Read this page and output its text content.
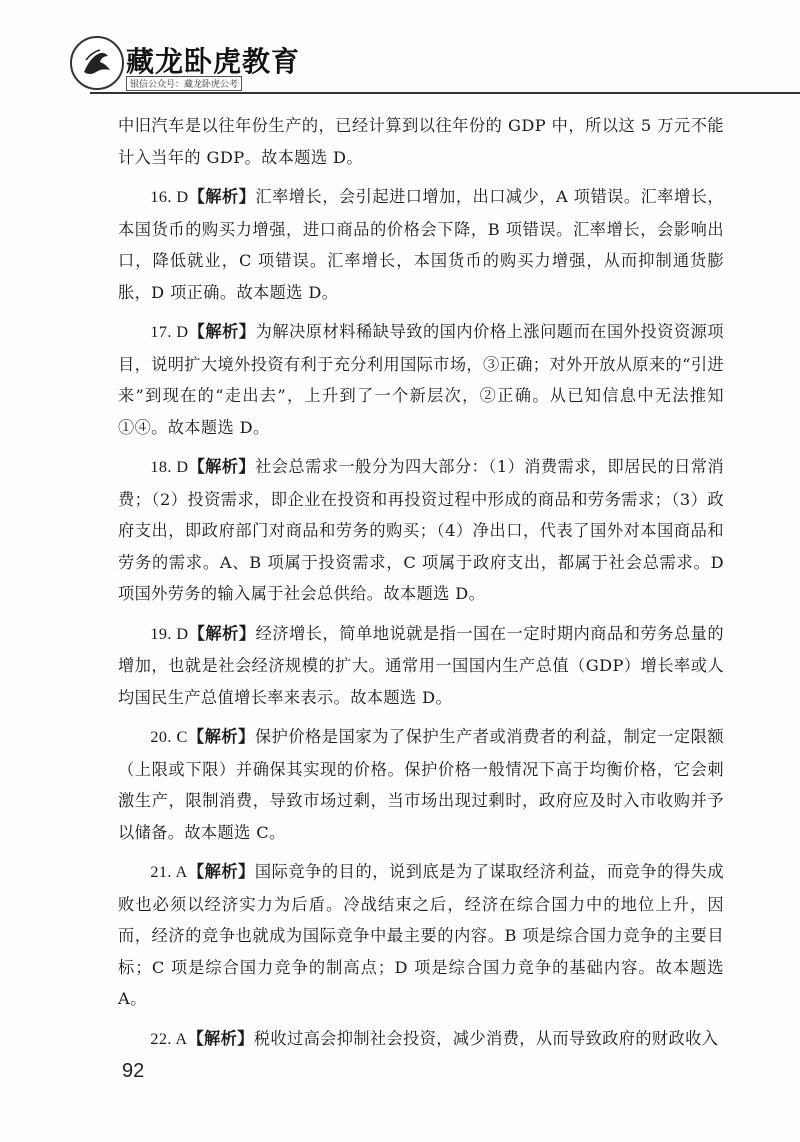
藏龙卧虎教育
银信公众号：藏龙卧虎公考

中旧汽车是以往年份生产的，已经计算到以往年份的 GDP 中，所以这 5 万元不能计入当年的 GDP。故本题选 D。

16. D【解析】汇率增长，会引起进口增加，出口减少，A 项错误。汇率增长，本国货币的购买力增强，进口商品的价格会下降，B 项错误。汇率增长，会影响出口，降低就业，C 项错误。汇率增长，本国货币的购买力增强，从而抑制通货膨胀，D 项正确。故本题选 D。

17. D【解析】为解决原材料稀缺导致的国内价格上涨问题而在国外投资资源项目，说明扩大境外投资有利于充分利用国际市场，③正确；对外开放从原来的“引进来”到现在的“走出去”，上升到了一个新层次，②正确。从已知信息中无法推知①④。故本题选 D。

18. D【解析】社会总需求一般分为四大部分：（1）消费需求，即居民的日常消费；（2）投资需求，即企业在投资和再投资过程中形成的商品和劳务需求；（3）政府支出，即政府部门对商品和劳务的购买；（4）净出口，代表了国外对本国商品和劳务的需求。A、B 项属于投资需求，C 项属于政府支出，都属于社会总需求。D 项国外劳务的输入属于社会总供给。故本题选 D。

19. D【解析】经济增长，简单地说就是指一国在一定时期内商品和劳务总量的增加，也就是社会经济规模的扩大。通常用一国国内生产总值（GDP）增长率或人均国民生产总值增长率来表示。故本题选 D。

20. C【解析】保护价格是国家为了保护生产者或消费者的利益，制定一定限额（上限或下限）并确保其实现的价格。保护价格一般情况下高于均衡价格，它会刺激生产，限制消费，导致市场过剩，当市场出现过剩时，政府应及时入市收购并予以储备。故本题选 C。

21. A【解析】国际竞争的目的，说到底是为了谋取经济利益，而竞争的得失成败也必须以经济实力为后盾。冷战结束之后，经济在综合国力中的地位上升，因而，经济的竞争也就成为国际竞争中最主要的内容。B 项是综合国力竞争的主要目标；C 项是综合国力竞争的制高点；D 项是综合国力竞争的基础内容。故本题选 A。

22. A【解析】税收过高会抑制社会投资，减少消费，从而导致政府的财政收入

92
